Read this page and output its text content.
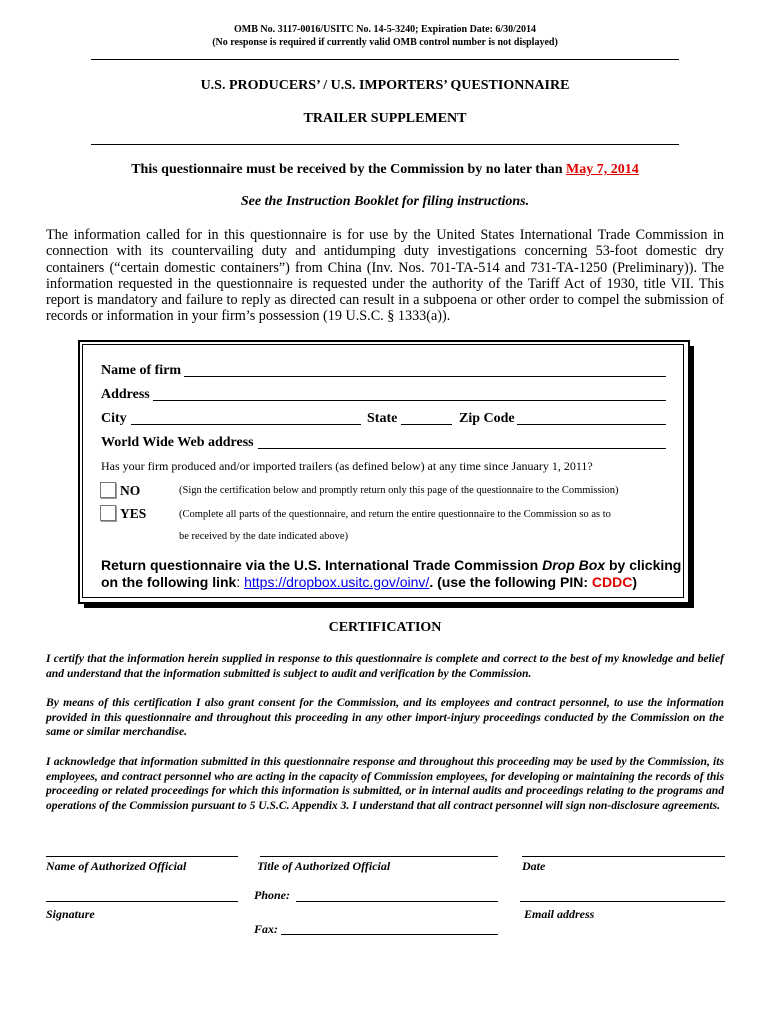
OMB No. 3117-0016/USITC No. 14-5-3240; Expiration Date: 6/30/2014
(No response is required if currently valid OMB control number is not displayed)
U.S. PRODUCERS’ / U.S. IMPORTERS’ QUESTIONNAIRE
TRAILER SUPPLEMENT
This questionnaire must be received by the Commission by no later than May 7, 2014
See the Instruction Booklet for filing instructions.
The information called for in this questionnaire is for use by the United States International Trade Commission in connection with its countervailing duty and antidumping duty investigations concerning 53-foot domestic dry containers (“certain domestic containers”) from China (Inv. Nos. 701-TA-514 and 731-TA-1250 (Preliminary)). The information requested in the questionnaire is requested under the authority of the Tariff Act of 1930, title VII. This report is mandatory and failure to reply as directed can result in a subpoena or other order to compel the submission of records or information in your firm’s possession (19 U.S.C. § 1333(a)).
Name of firm
Address
City	State	Zip Code
World Wide Web address
Has your firm produced and/or imported trailers (as defined below) at any time since January 1, 2011?
NO	(Sign the certification below and promptly return only this page of the questionnaire to the Commission)
YES	(Complete all parts of the questionnaire, and return the entire questionnaire to the Commission so as to
be received by the date indicated above)
Return questionnaire via the U.S. International Trade Commission Drop Box by clicking on the following link: https://dropbox.usitc.gov/oinv/. (use the following PIN: CDDC)
CERTIFICATION
I certify that the information herein supplied in response to this questionnaire is complete and correct to the best of my knowledge and belief and understand that the information submitted is subject to audit and verification by the Commission.
By means of this certification I also grant consent for the Commission, and its employees and contract personnel, to use the information provided in this questionnaire and throughout this proceeding in any other import-injury proceedings conducted by the Commission on the same or similar merchandise.
I acknowledge that information submitted in this questionnaire response and throughout this proceeding may be used by the Commission, its employees, and contract personnel who are acting in the capacity of Commission employees, for developing or maintaining the records of this proceeding or related proceedings for which this information is submitted, or in internal audits and proceedings relating to the programs and operations of the Commission pursuant to 5 U.S.C. Appendix 3. I understand that all contract personnel will sign non-disclosure agreements.
Name of Authorized Official	Title of Authorized Official	Date
Phone:
Signature	Email address
Fax:
